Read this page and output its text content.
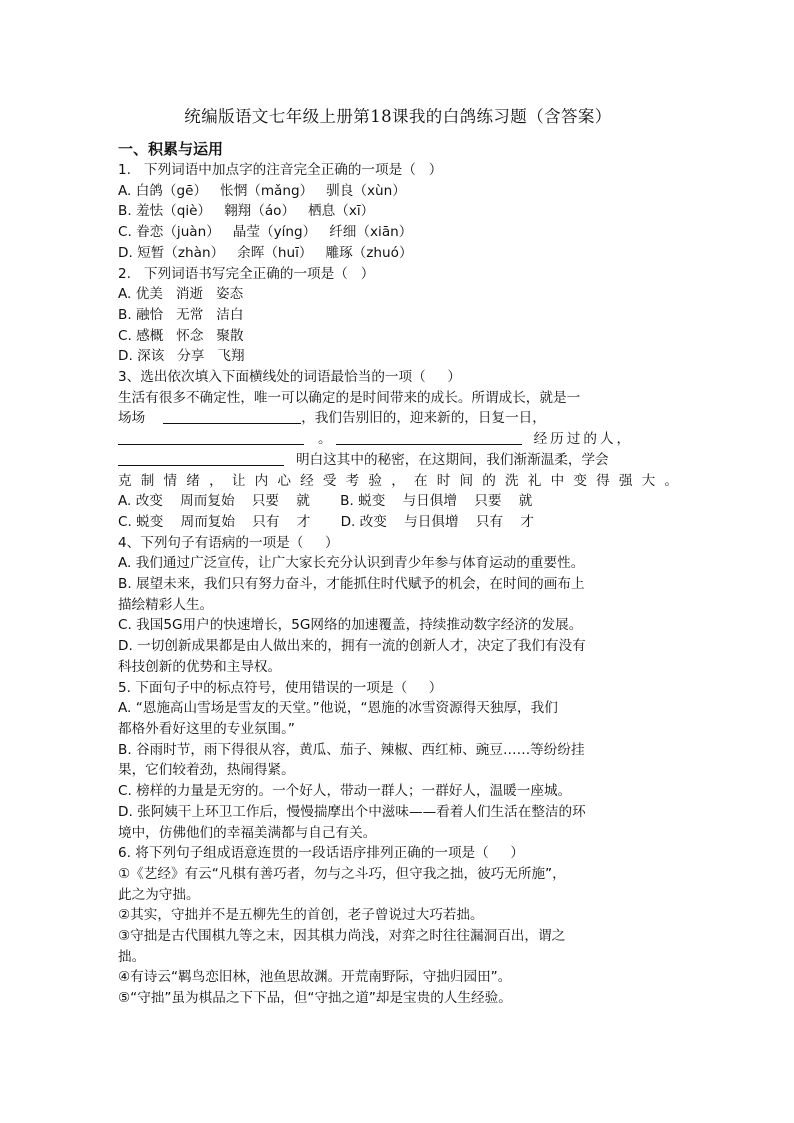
统编版语文七年级上册第18课我的白鸽练习题（含答案）

一、积累与运用

1.   下列词语中加点字的注音完全正确的一项是（   ）

A. 白鸽（gē）   怅惘（mǎng）   驯良（xùn）

B. 羞怯（qiè）   翱翔（áo）   栖息（xī）

C. 眷恋（juàn）   晶莹（yíng）   纤细（xiān）

D. 短暂（zhàn）   余晖（huī）   雕琢（zhuó）

2.   下列词语书写完全正确的一项是（   ）

A. 优美   消逝   姿态

B. 融恰   无常   洁白

C. 感概   怀念   聚散

D. 深该   分享   飞翔

3、选出依次填入下面横线处的词语最恰当的一项（     ）

生活有很多不确定性，唯一可以确定的是时间带来的成长。所谓成长，就是一

场场	，我们告别旧的，迎来新的，日复一日，

。	经历过的人，

明白这其中的秘密，在这期间，我们渐渐温柔，学会

克制情绪，让内心经受考验，在时间的洗礼中变得强大。

A. 改变    周而复始    只要    就       B. 蜕变    与日俱增    只要    就

C. 蜕变    周而复始    只有    才       D. 改变    与日俱增    只有    才

4、下列句子有语病的一项是（     ）

A. 我们通过广泛宣传，让广大家长充分认识到青少年参与体育运动的重要性。

B. 展望未来，我们只有努力奋斗，才能抓住时代赋予的机会，在时间的画布上

描绘精彩人生。

C. 我国5G用户的快速增长，5G网络的加速覆盖，持续推动数字经济的发展。

D. 一切创新成果都是由人做出来的，拥有一流的创新人才，决定了我们有没有

科技创新的优势和主导权。

5. 下面句子中的标点符号，使用错误的一项是（     ）

A. “恩施高山雪场是雪友的天堂。”他说，“恩施的冰雪资源得天独厚，我们

都格外看好这里的专业氛围。”

B. 谷雨时节，雨下得很从容，黄瓜、茄子、辣椒、西红柿、豌豆……等纷纷挂

果，它们较着劲，热闹得紧。

C. 榜样的力量是无穷的。一个好人，带动一群人；一群好人，温暖一座城。

D. 张阿姨干上环卫工作后，慢慢揣摩出个中滋味——看着人们生活在整洁的环

境中，仿佛他们的幸福美满都与自己有关。

6. 将下列句子组成语意连贯的一段话语序排列正确的一项是（     ）

①《艺经》有云“凡棋有善巧者，勿与之斗巧，但守我之拙，彼巧无所施”，

此之为守拙。

②其实，守拙并不是五柳先生的首创，老子曾说过大巧若拙。

③守拙是古代围棋九等之末，因其棋力尚浅，对弈之时往往漏洞百出，谓之

拙。

④有诗云“羁鸟恋旧林，池鱼思故渊。开荒南野际，守拙归园田”。

⑤“守拙”虽为棋品之下下品，但“守拙之道”却是宝贵的人生经验。
